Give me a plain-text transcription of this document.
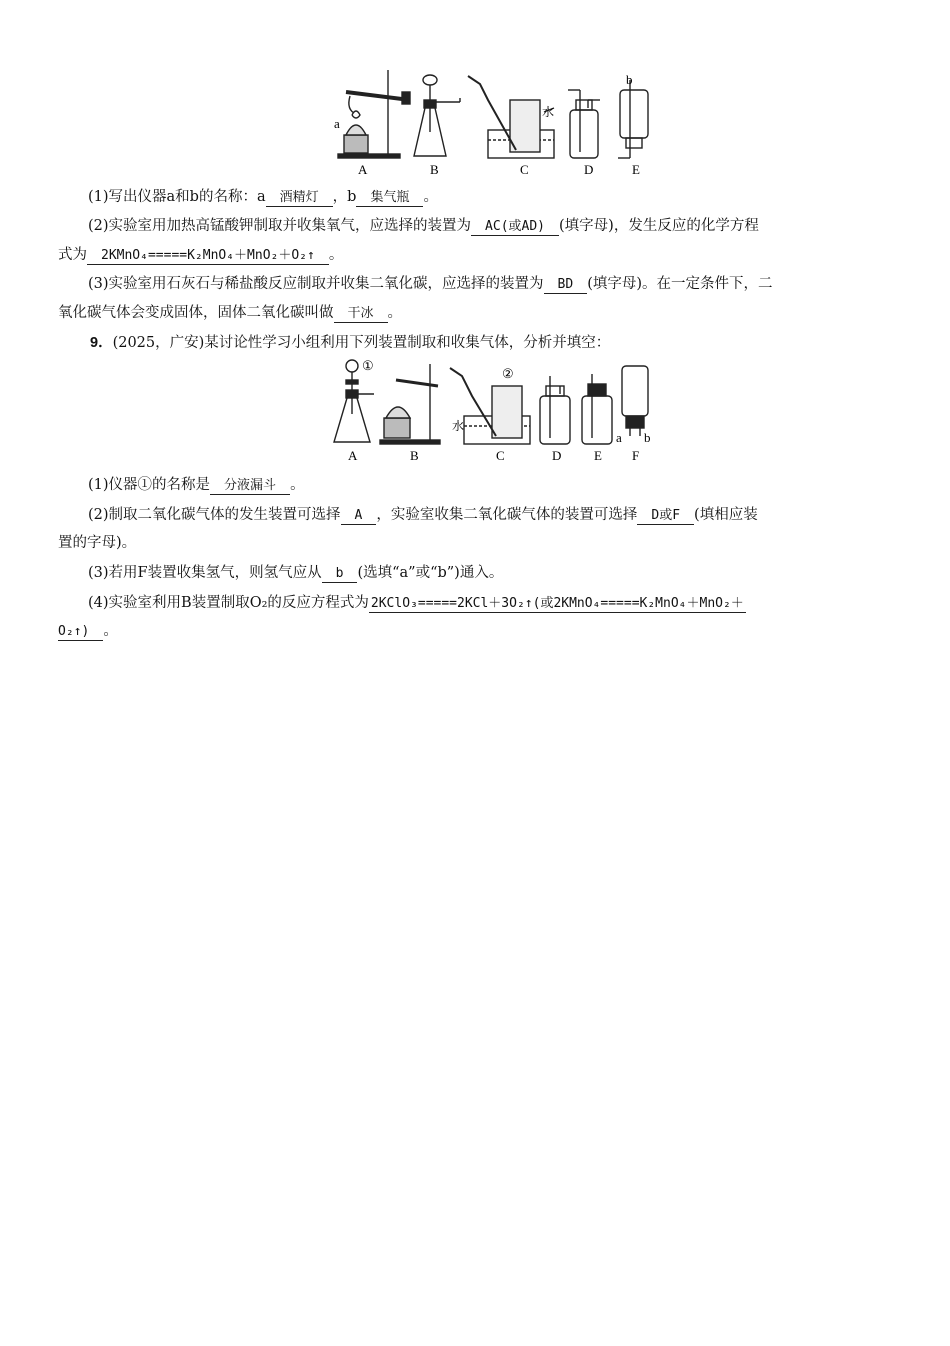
a
b
水
A	B	C	D	E
(1)写出仪器a和b的名称：a 酒精灯 ，b 集气瓶 。
(2)实验室用加热高锰酸钾制取并收集氧气，应选择的装置为 AC(或AD) (填字母)，发生反应的化学方程
式为 2KMnO₄=====K₂MnO₄＋MnO₂＋O₂↑ 。
(3)实验室用石灰石与稀盐酸反应制取并收集二氧化碳，应选择的装置为 BD (填字母)。在一定条件下，二
氧化碳气体会变成固体，固体二氧化碳叫做 干冰 。
9．(2025，广安)某讨论性学习小组利用下列装置制取和收集气体，分析并填空：
①
②
水
a b
A	B	C	D	E F
(1)仪器①的名称是 分液漏斗 。
(2)制取二氧化碳气体的发生装置可选择 A ，实验室收集二氧化碳气体的装置可选择 D或F (填相应装
置的字母)。
(3)若用F装置收集氢气，则氢气应从 b (选填“a”或“b”)通入。
(4)实验室利用B装置制取O₂的反应方程式为 2KClO₃=====2KCl＋3O₂↑(或2KMnO₄=====K₂MnO₄＋MnO₂＋
O₂↑) 。
